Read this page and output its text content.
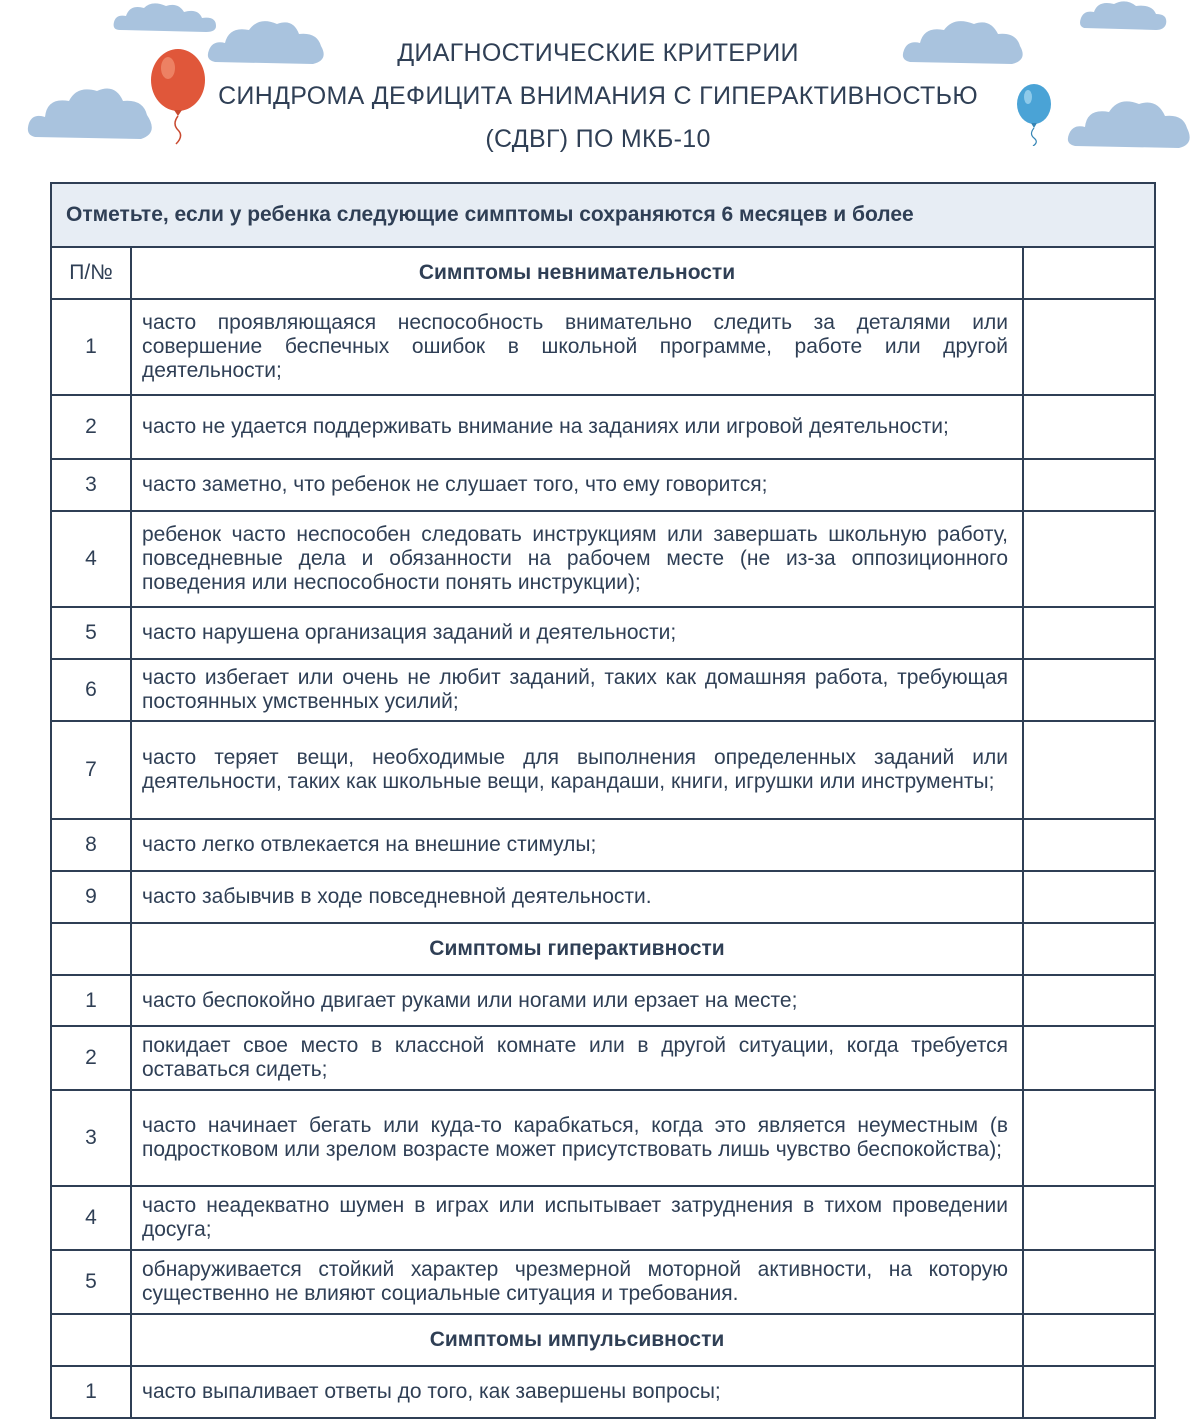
ДИАГНОСТИЧЕСКИЕ КРИТЕРИИ
СИНДРОМА ДЕФИЦИТА ВНИМАНИЯ С ГИПЕРАКТИВНОСТЬЮ
(СДВГ) ПО МКБ-10
Отметьте, если у ребенка следующие симптомы сохраняются 6 месяцев и более		
П/№	Симптомы невнимательности	
1	часто проявляющаяся неспособность внимательно следить за деталями или совершение беспечных ошибок в школьной программе, работе или другой деятельности;	
2	часто не удается поддерживать внимание на заданиях или игровой деятельности;	
3	часто заметно, что ребенок не слушает того, что ему говорится;	
4	ребенок часто неспособен следовать инструкциям или завершать школьную работу, повседневные дела и обязанности на рабочем месте (не из-за оппозиционного поведения или неспособности понять инструкции);	
5	часто нарушена организация заданий и деятельности;	
6	часто избегает или очень не любит заданий, таких как домашняя работа, требующая постоянных умственных усилий;	
7	часто теряет вещи, необходимые для выполнения определенных заданий или деятельности, таких как школьные вещи, карандаши, книги, игрушки или инструменты;	
8	часто легко отвлекается на внешние стимулы;	
9	часто забывчив в ходе повседневной деятельности.	
	Симптомы гиперактивности	
1	часто беспокойно двигает руками или ногами или ерзает на месте;	
2	покидает свое место в классной комнате или в другой ситуации, когда требуется оставаться сидеть;	
3	часто начинает бегать или куда-то карабкаться, когда это является неуместным (в подростковом или зрелом возрасте может присутствовать лишь чувство беспокойства);	
4	часто неадекватно шумен в играх или испытывает затруднения в тихом проведении досуга;	
5	обнаруживается стойкий характер чрезмерной моторной активности, на которую существенно не влияют социальные ситуация и требования.	
	Симптомы импульсивности	
1	часто выпаливает ответы до того, как завершены вопросы;	
